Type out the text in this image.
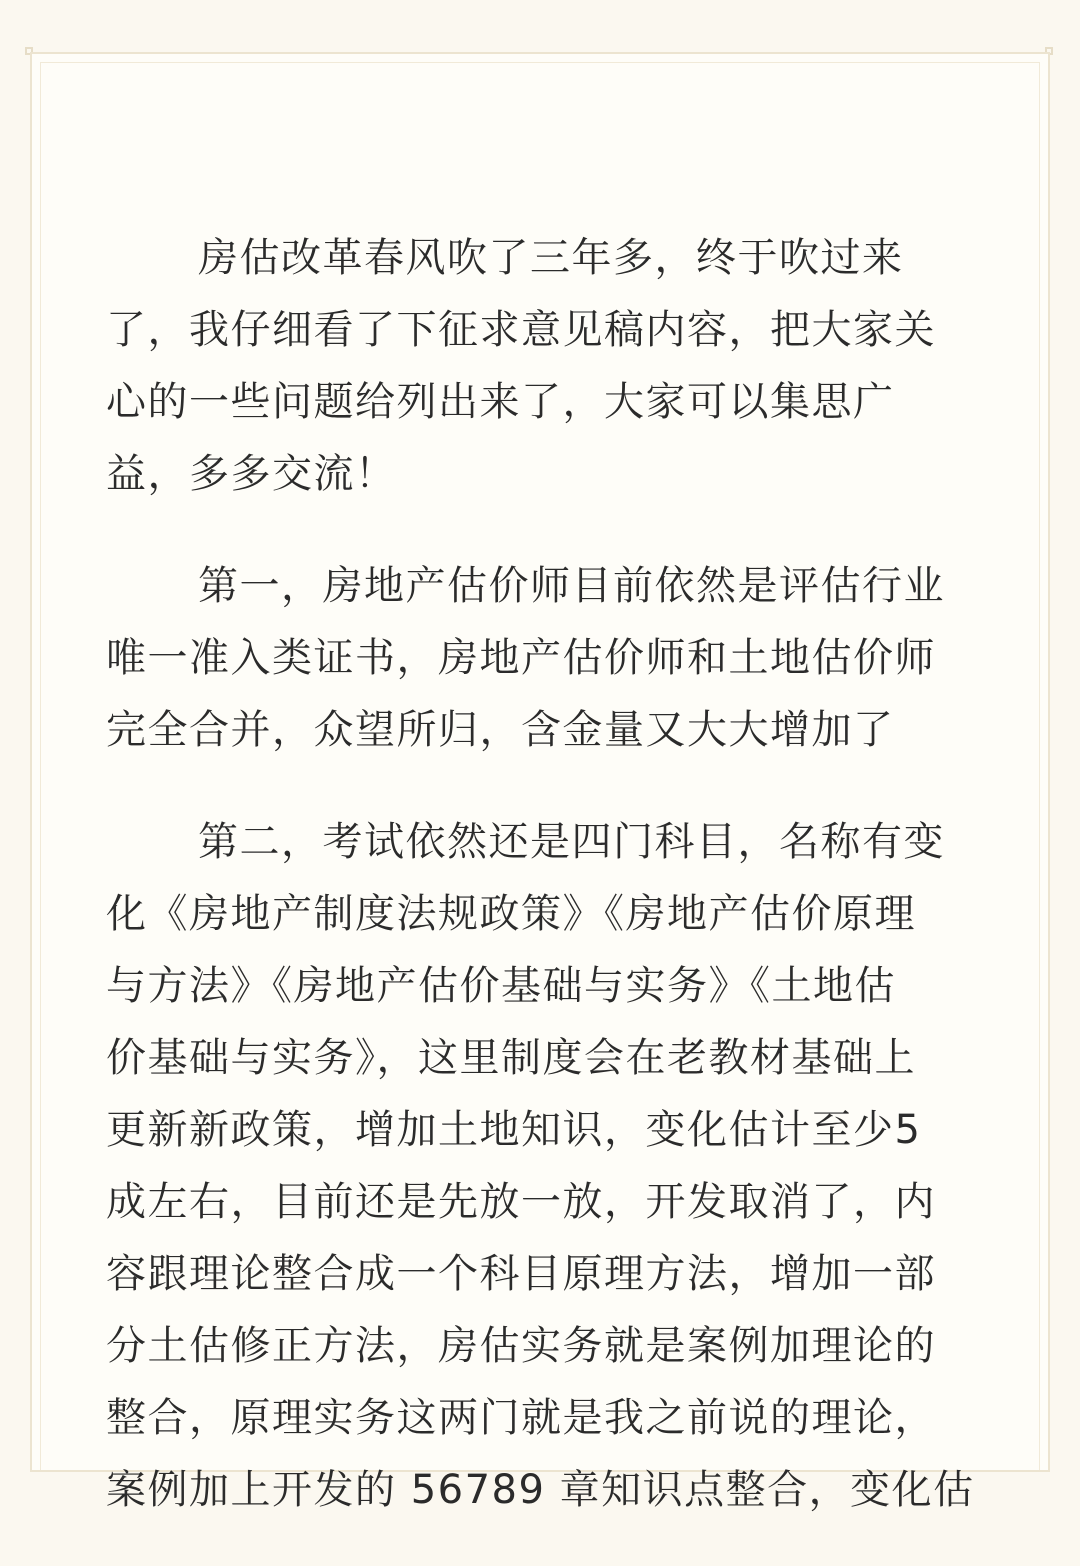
房估改革春风吹了三年多，终于吹过来
了，我仔细看了下征求意见稿内容，把大家关
心的一些问题给列出来了，大家可以集思广
益，多多交流！

第一，房地产估价师目前依然是评估行业
唯一准入类证书，房地产估价师和土地估价师
完全合并，众望所归，含金量又大大增加了

第二，考试依然还是四门科目，名称有变
化《房地产制度法规政策》《房地产估价原理
与方法》《房地产估价基础与实务》《土地估
价基础与实务》，这里制度会在老教材基础上
更新新政策，增加土地知识，变化估计至少5
成左右，目前还是先放一放，开发取消了，内
容跟理论整合成一个科目原理方法，增加一部
分土估修正方法，房估实务就是案例加理论的
整合，原理实务这两门就是我之前说的理论，
案例加上开发的 56789 章知识点整合，变化估
